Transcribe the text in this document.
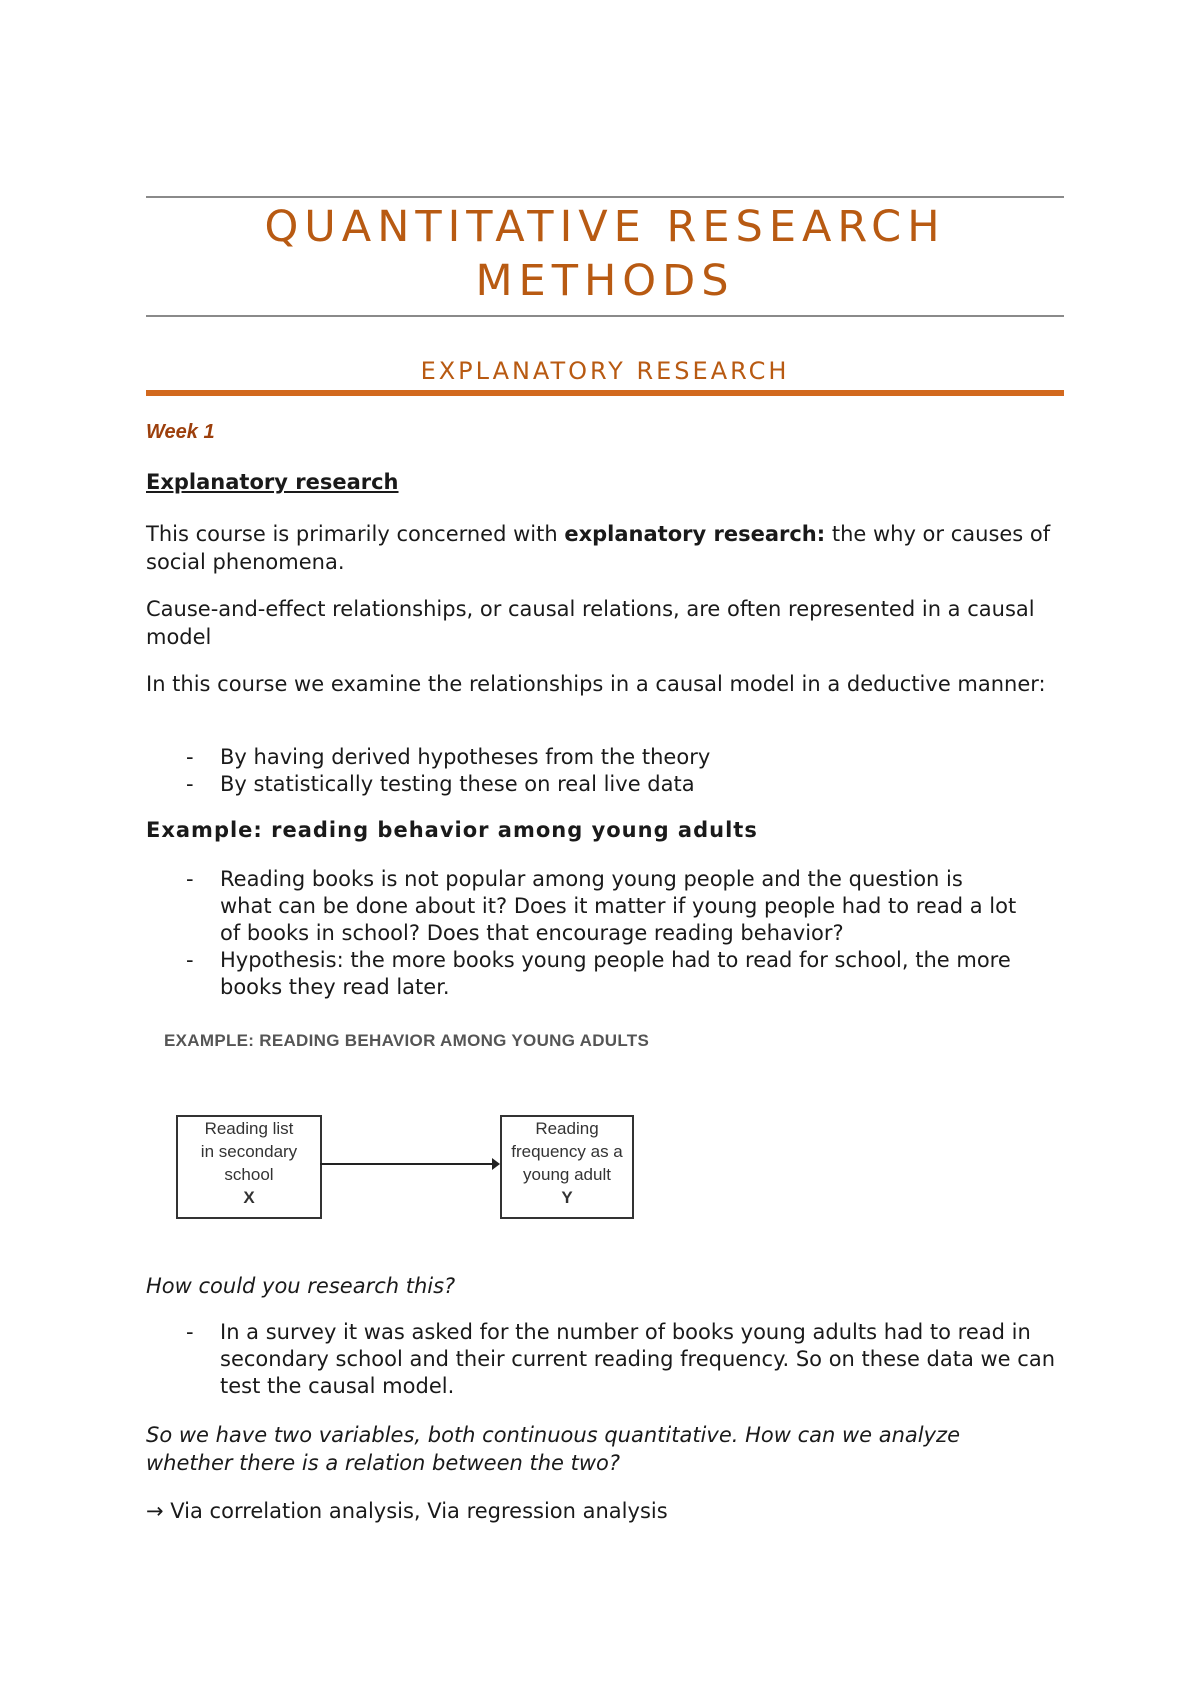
QUANTITATIVE RESEARCH
METHODS
EXPLANATORY RESEARCH
Week 1
Explanatory research
This course is primarily concerned with explanatory research: the why or causes of social phenomena.
Cause-and-effect relationships, or causal relations, are often represented in a causal model
In this course we examine the relationships in a causal model in a deductive manner:
- By having derived hypotheses from the theory
- By statistically testing these on real live data
Example: reading behavior among young adults
- Reading books is not popular among young people and the question is what can be done about it? Does it matter if young people had to read a lot of books in school? Does that encourage reading behavior?
- Hypothesis: the more books young people had to read for school, the more books they read later.
EXAMPLE: READING BEHAVIOR AMONG YOUNG ADULTS
Reading list
in secondary
school
X
Reading
frequency as a
young adult
Y
How could you research this?
- In a survey it was asked for the number of books young adults had to read in secondary school and their current reading frequency. So on these data we can test the causal model.
So we have two variables, both continuous quantitative. How can we analyze whether there is a relation between the two?
→ Via correlation analysis, Via regression analysis
